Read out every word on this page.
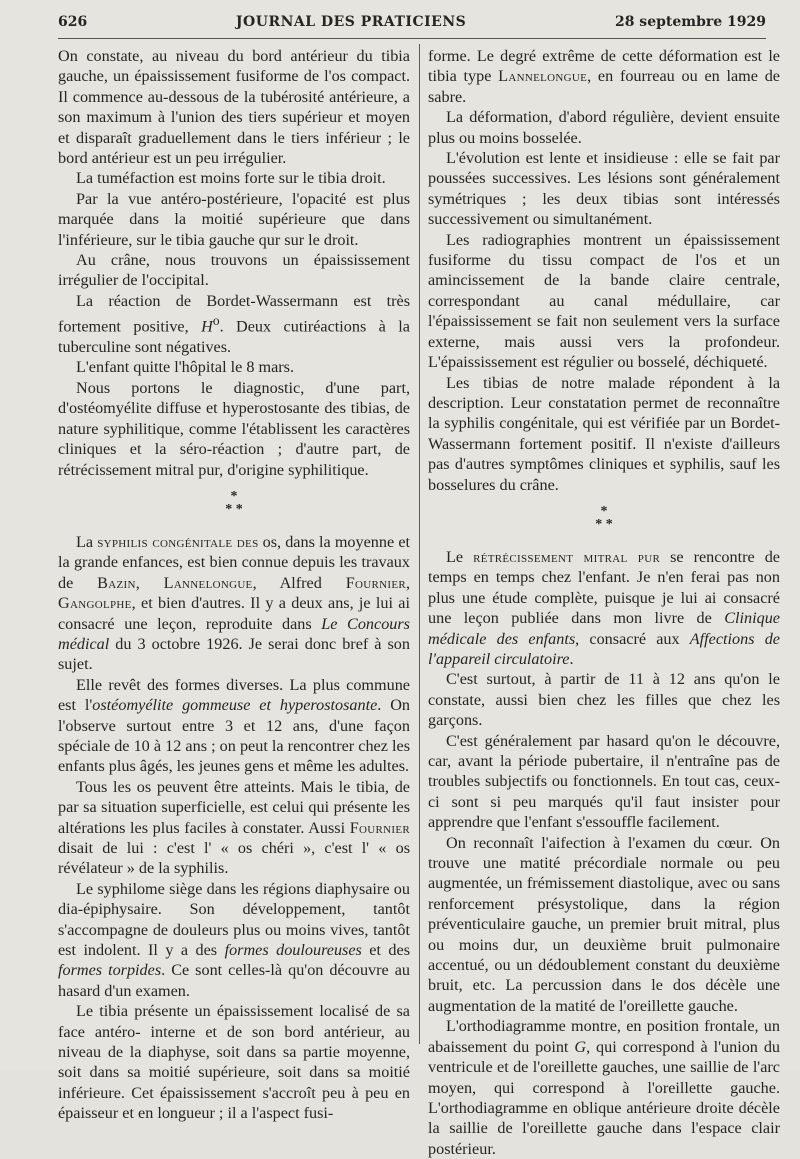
626	JOURNAL DES PRATICIENS	28 septembre 1929

On constate, au niveau du bord antérieur du tibia gauche, un épaississement fusiforme de l'os compact. Il commence au-dessous de la tubérosité antérieure, a son maximum à l'union des tiers supérieur et moyen et disparaît graduellement dans le tiers inférieur ; le bord antérieur est un peu irrégulier.

La tuméfaction est moins forte sur le tibia droit.

Par la vue antéro-postérieure, l'opacité est plus marquée dans la moitié supérieure que dans l'inférieure, sur le tibia gauche qur sur le droit.

Au crâne, nous trouvons un épaississement irrégulier de l'occipital.

La réaction de Bordet-Wassermann est très fortement positive, $H^o$. Deux cutiréactions à la tuberculine sont négatives.

L'enfant quitte l'hôpital le 8 mars.

Nous portons le diagnostic, d'une part, d'ostéomyélite diffuse et hyperostosante des tibias, de nature syphilitique, comme l'établissent les caractères cliniques et la séro-réaction ; d'autre part, de rétrécissement mitral pur, d'origine syphilitique.

*
* *

La syphilis congénitale des os, dans la moyenne et la grande enfances, est bien connue depuis les travaux de Bazin, Lannelongue, Alfred Fournier, Gangolphe, et bien d'autres. Il y a deux ans, je lui ai consacré une leçon, reproduite dans Le Concours médical du 3 octobre 1926. Je serai donc bref à son sujet.

Elle revêt des formes diverses. La plus commune est l'ostéomyélite gommeuse et hyperostosante. On l'observe surtout entre 3 et 12 ans, d'une façon spéciale de 10 à 12 ans ; on peut la rencontrer chez les enfants plus âgés, les jeunes gens et même les adultes.

Tous les os peuvent être atteints. Mais le tibia, de par sa situation superficielle, est celui qui présente les altérations les plus faciles à constater. Aussi Fournier disait de lui : c'est l' « os chéri », c'est l' « os révélateur » de la syphilis.

Le syphilome siège dans les régions diaphysaire ou dia-épiphysaire. Son développement, tantôt s'accompagne de douleurs plus ou moins vives, tantôt est indolent. Il y a des formes douloureuses et des formes torpides. Ce sont celles-là qu'on découvre au hasard d'un examen.

Le tibia présente un épaississement localisé de sa face antéro- interne et de son bord antérieur, au niveau de la diaphyse, soit dans sa partie moyenne, soit dans sa moitié supérieure, soit dans sa moitié inférieure. Cet épaississement s'accroît peu à peu en épaisseur et en longueur ; il a l'aspect fusi-

forme. Le degré extrême de cette déformation est le tibia type Lannelongue, en fourreau ou en lame de sabre.

La déformation, d'abord régulière, devient ensuite plus ou moins bosselée.

L'évolution est lente et insidieuse : elle se fait par poussées successives. Les lésions sont généralement symétriques ; les deux tibias sont intéressés successivement ou simultanément.

Les radiographies montrent un épaississement fusiforme du tissu compact de l'os et un amincissement de la bande claire centrale, correspondant au canal médullaire, car l'épaississement se fait non seulement vers la surface externe, mais aussi vers la profondeur. L'épaississement est régulier ou bosselé, déchiqueté.

Les tibias de notre malade répondent à la description. Leur constatation permet de reconnaître la syphilis congénitale, qui est vérifiée par un Bordet-Wassermann fortement positif. Il n'existe d'ailleurs pas d'autres symptômes cliniques et syphilis, sauf les bosselures du crâne.

*
* *

Le rétrécissement mitral pur se rencontre de temps en temps chez l'enfant. Je n'en ferai pas non plus une étude complète, puisque je lui ai consacré une leçon publiée dans mon livre de Clinique médicale des enfants, consacré aux Affections de l'appareil circulatoire.

C'est surtout, à partir de 11 à 12 ans qu'on le constate, aussi bien chez les filles que chez les garçons.

C'est généralement par hasard qu'on le découvre, car, avant la période pubertaire, il n'entraîne pas de troubles subjectifs ou fonctionnels. En tout cas, ceux-ci sont si peu marqués qu'il faut insister pour apprendre que l'enfant s'essouffle facilement.

On reconnaît l'aifection à l'examen du cœur. On trouve une matité précordiale normale ou peu augmentée, un frémissement diastolique, avec ou sans renforcement présystolique, dans la région préventiculaire gauche, un premier bruit mitral, plus ou moins dur, un deuxième bruit pulmonaire accentué, ou un dédoublement constant du deuxième bruit, etc. La percussion dans le dos décèle une augmentation de la matité de l'oreillette gauche.

L'orthodiagramme montre, en position frontale, un abaissement du point G, qui correspond à l'union du ventricule et de l'oreillette gauches, une saillie de l'arc moyen, qui correspond à l'oreillette gauche. L'orthodiagramme en oblique antérieure droite décèle la saillie de l'oreillette gauche dans l'espace clair postérieur.
